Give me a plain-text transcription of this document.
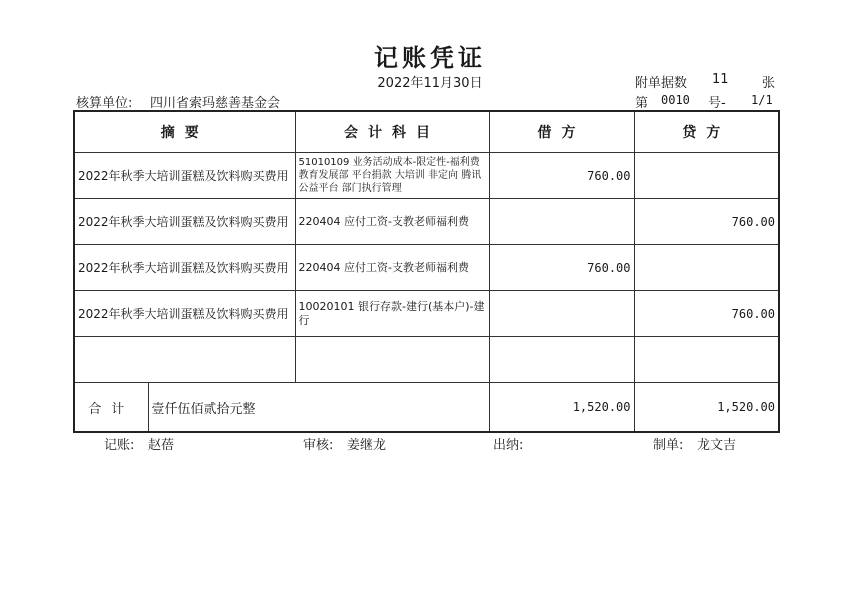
记账凭证
2022年11月30日	附单据数 11	张
核算单位: 四川省索玛慈善基金会	第 0010 号- 1/1
摘要		会计科目	借方	贷方
2022年秋季大培训蛋糕及饮料购买费用		51010109 业务活动成本-限定性-福利费 教育发展部 平台捐款 大培训 非定向 腾讯公益平台 部门执行管理	760.00	
2022年秋季大培训蛋糕及饮料购买费用		220404 应付工资-支教老师福利费		760.00
2022年秋季大培训蛋糕及饮料购买费用		220404 应付工资-支教老师福利费	760.00	
2022年秋季大培训蛋糕及饮料购买费用		10020101 银行存款-建行(基本户)-建行		760.00

合计	壹仟伍佰贰拾元整		1,520.00	1,520.00
记账: 赵蓓	审核: 姜继龙	出纳:	制单: 龙文吉
